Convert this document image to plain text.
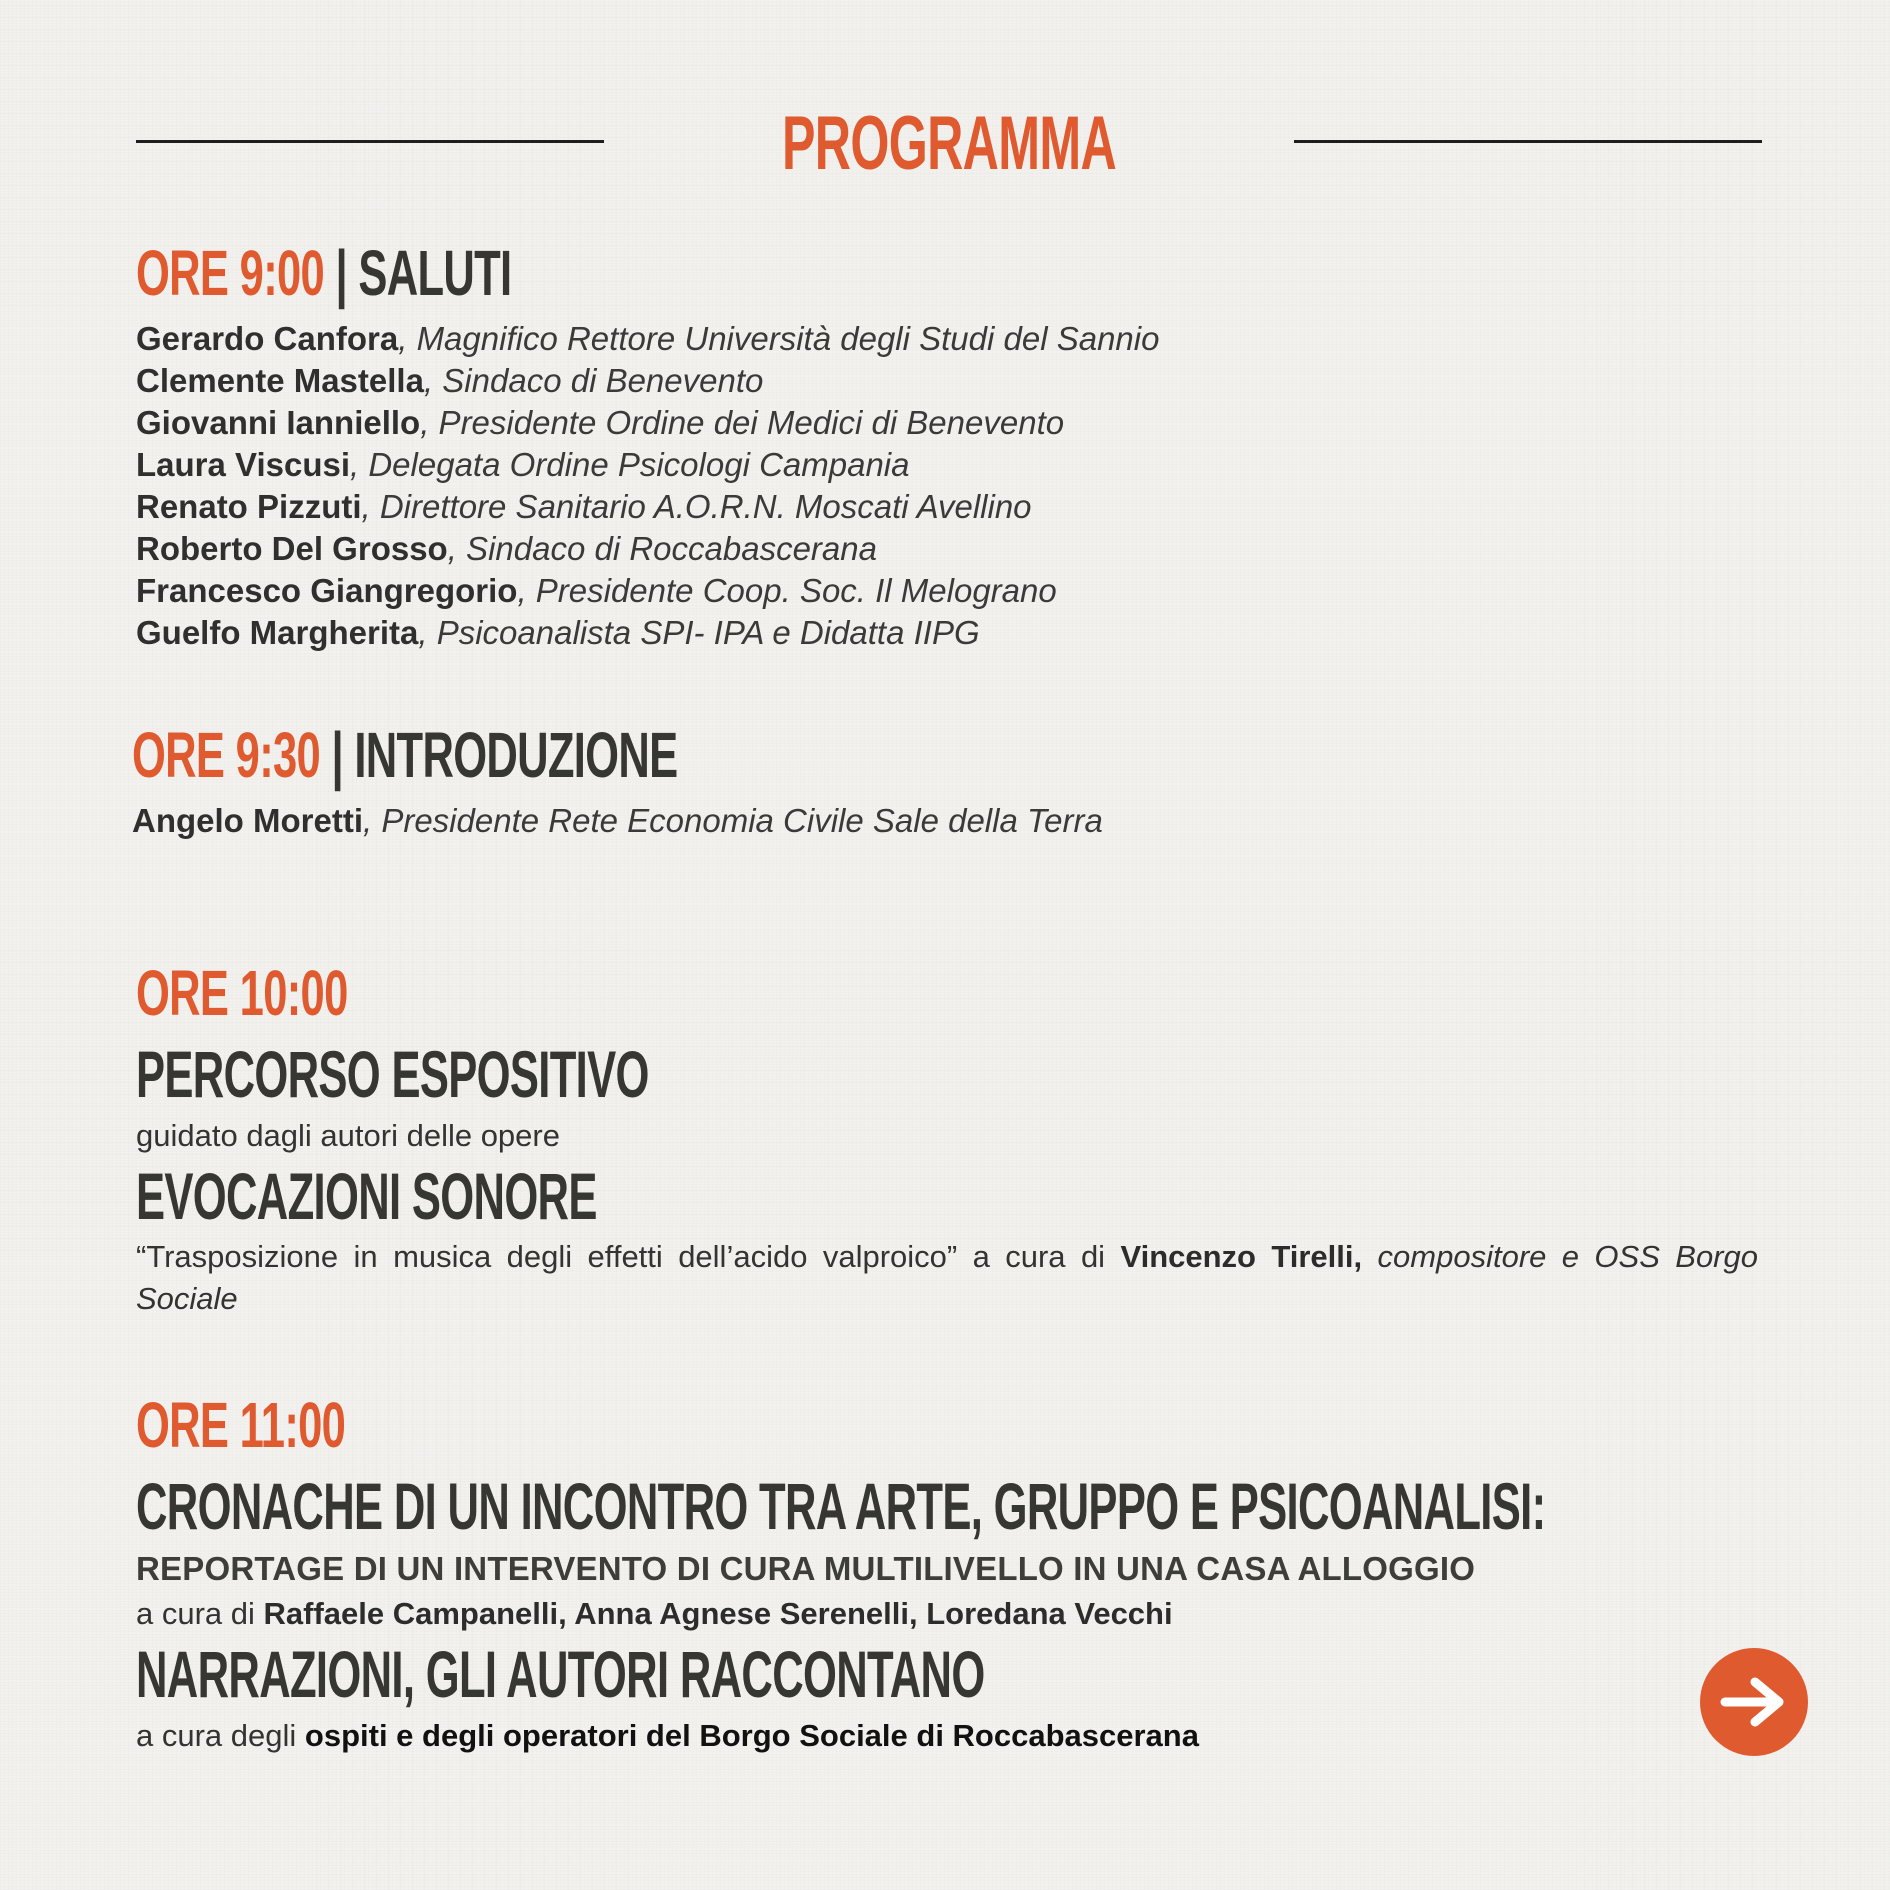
PROGRAMMA
ORE 9:00 | SALUTI
Gerardo Canfora, Magnifico Rettore Università degli Studi del Sannio
Clemente Mastella, Sindaco di Benevento
Giovanni Ianniello, Presidente Ordine dei Medici di Benevento
Laura Viscusi, Delegata Ordine Psicologi Campania
Renato Pizzuti, Direttore Sanitario A.O.R.N. Moscati Avellino
Roberto Del Grosso, Sindaco di Roccabascerana
Francesco Giangregorio, Presidente Coop. Soc. Il Melograno
Guelfo Margherita, Psicoanalista SPI- IPA e Didatta IIPG
ORE 9:30 | INTRODUZIONE
Angelo Moretti, Presidente Rete Economia Civile Sale della Terra
ORE 10:00
PERCORSO ESPOSITIVO
guidato dagli autori delle opere
EVOCAZIONI SONORE
“Trasposizione in musica degli effetti dell’acido valproico” a cura di Vincenzo Tirelli, compositore e OSS Borgo Sociale
ORE 11:00
CRONACHE DI UN INCONTRO TRA ARTE, GRUPPO E PSICOANALISI:
REPORTAGE DI UN INTERVENTO DI CURA MULTILIVELLO IN UNA CASA ALLOGGIO
a cura di Raffaele Campanelli, Anna Agnese Serenelli, Loredana Vecchi
NARRAZIONI, GLI AUTORI RACCONTANO
a cura degli ospiti e degli operatori del Borgo Sociale di Roccabascerana
